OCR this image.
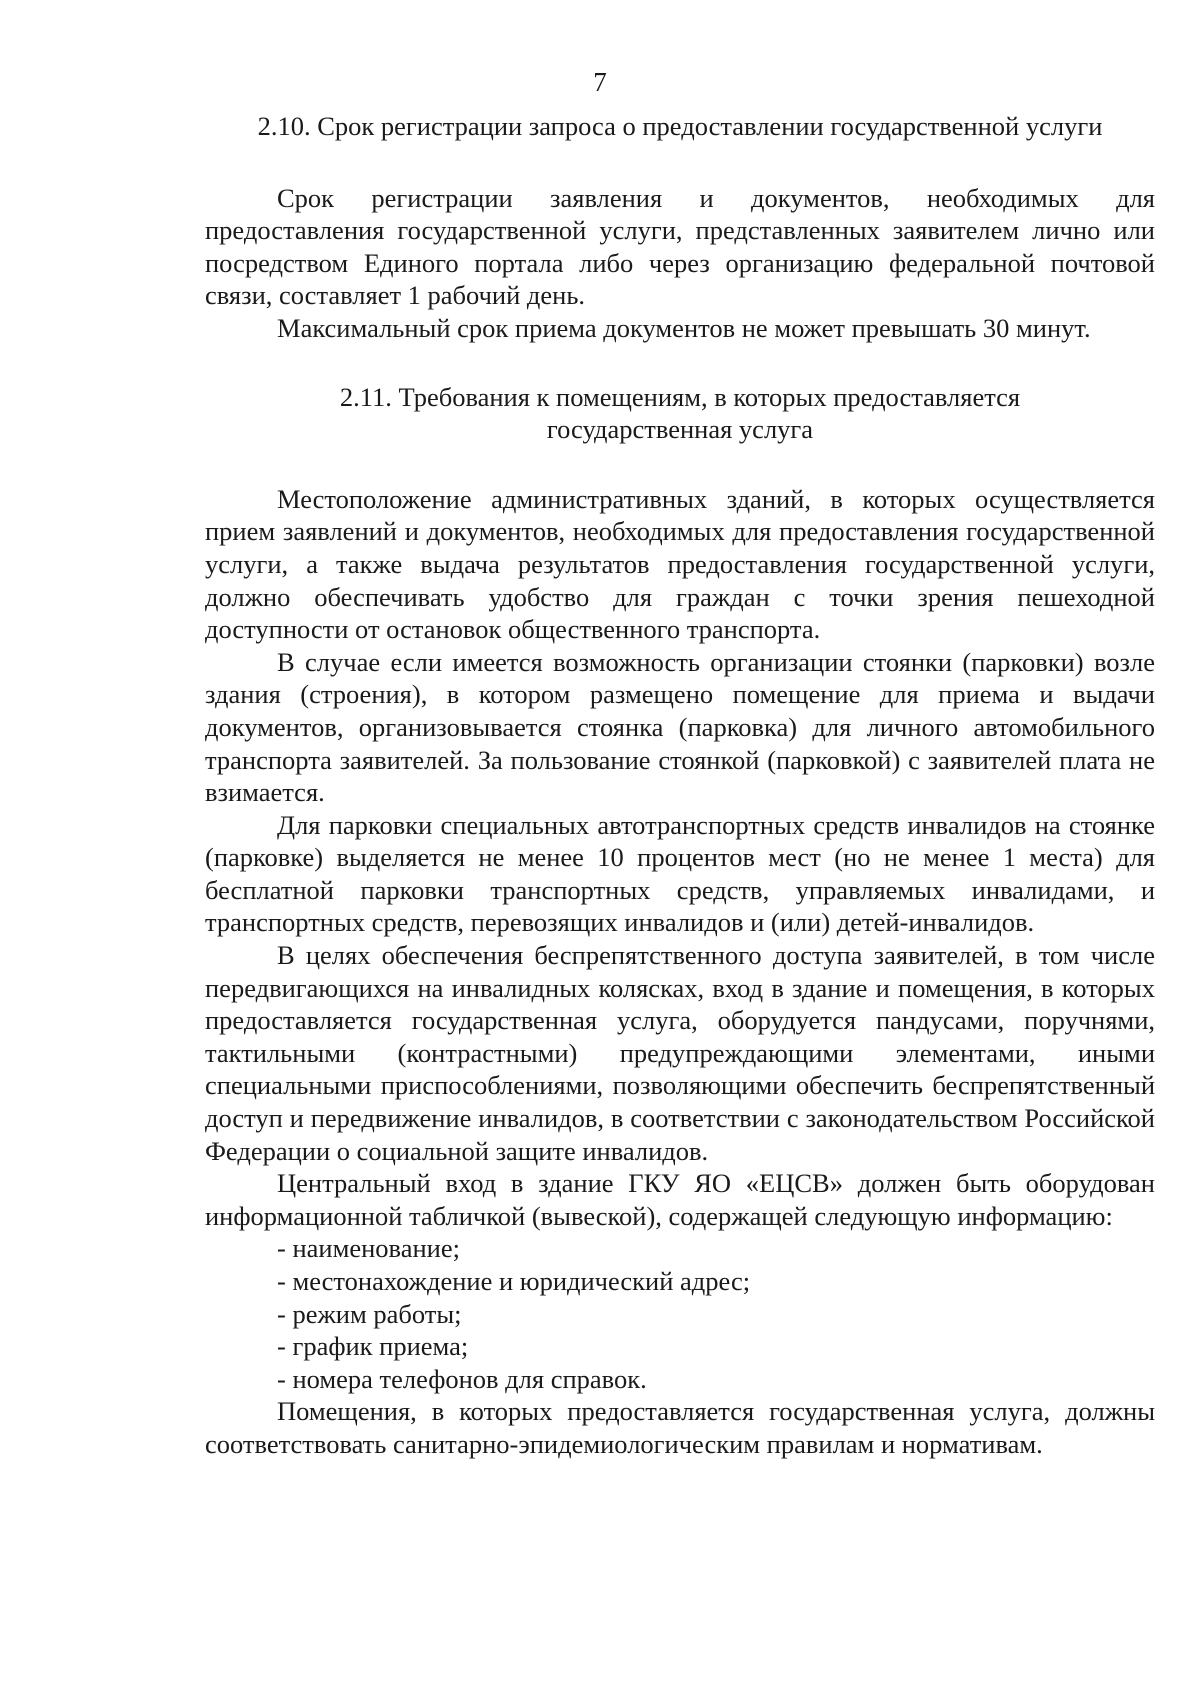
7

2.10. Срок регистрации запроса о предоставлении государственной услуги

Срок регистрации заявления и документов, необходимых для предоставления государственной услуги, представленных заявителем лично или посредством Единого портала либо через организацию федеральной почтовой связи, составляет 1 рабочий день.

Максимальный срок приема документов не может превышать 30 минут.

2.11. Требования к помещениям, в которых предоставляется
государственная услуга

Местоположение административных зданий, в которых осуществляется прием заявлений и документов, необходимых для предоставления государственной услуги, а также выдача результатов предоставления государственной услуги, должно обеспечивать удобство для граждан с точки зрения пешеходной доступности от остановок общественного транспорта.

В случае если имеется возможность организации стоянки (парковки) возле здания (строения), в котором размещено помещение для приема и выдачи документов, организовывается стоянка (парковка) для личного автомобильного транспорта заявителей. За пользование стоянкой (парковкой) с заявителей плата не взимается.

Для парковки специальных автотранспортных средств инвалидов на стоянке (парковке) выделяется не менее 10 процентов мест (но не менее 1 места) для бесплатной парковки транспортных средств, управляемых инвалидами, и транспортных средств, перевозящих инвалидов и (или) детей-инвалидов.

В целях обеспечения беспрепятственного доступа заявителей, в том числе передвигающихся на инвалидных колясках, вход в здание и помещения, в которых предоставляется государственная услуга, оборудуется пандусами, поручнями, тактильными (контрастными) предупреждающими элементами, иными специальными приспособлениями, позволяющими обеспечить беспрепятственный доступ и передвижение инвалидов, в соответствии с законодательством Российской Федерации о социальной защите инвалидов.

Центральный вход в здание ГКУ ЯО «ЕЦСВ» должен быть оборудован информационной табличкой (вывеской), содержащей следующую информацию:

- наименование;
- местонахождение и юридический адрес;
- режим работы;
- график приема;
- номера телефонов для справок.

Помещения, в которых предоставляется государственная услуга, должны соответствовать санитарно-эпидемиологическим правилам и нормативам.
